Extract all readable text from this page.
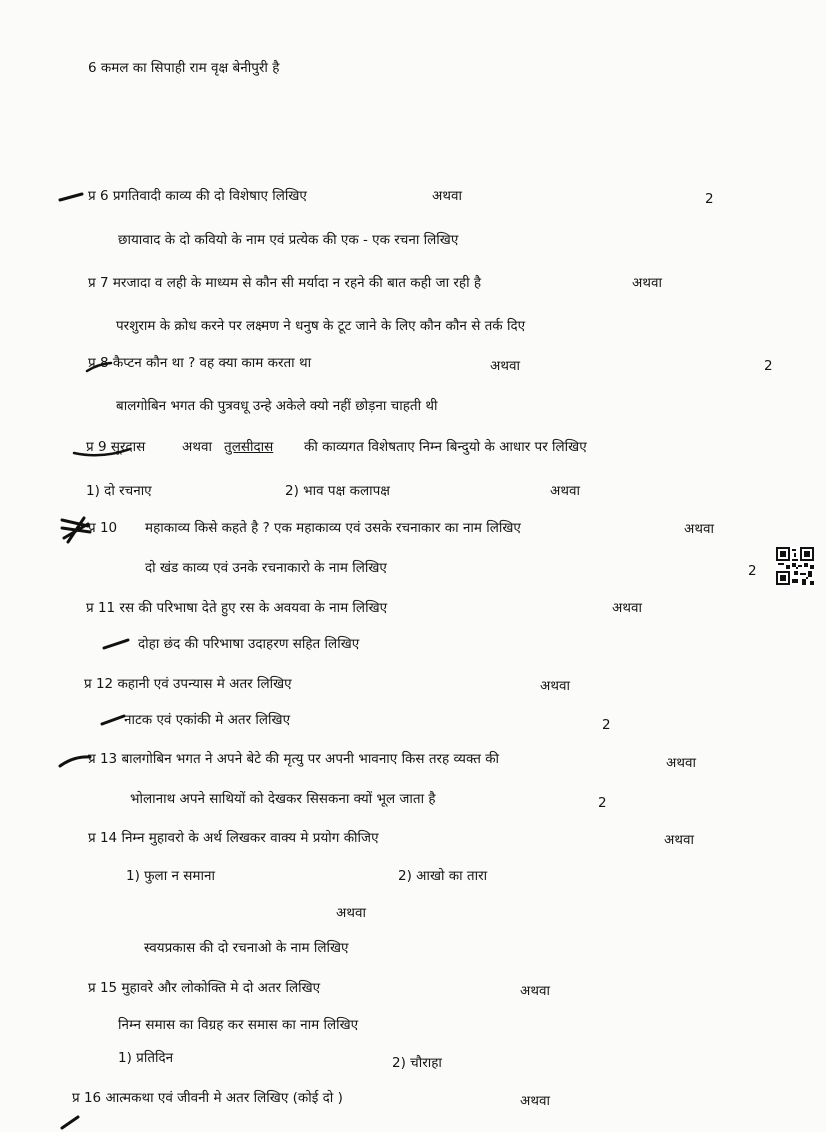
6 कमल का सिपाही राम वृक्ष बेनीपुरी है
प्र 6 प्रगतिवादी काव्य की दो विशेषाए लिखिए	अथवा	2
छायावाद के दो कवियो के नाम एवं प्रत्येक की एक - एक रचना लिखिए
प्र 7 मरजादा व लही के माध्यम से कौन सी मर्यादा न रहने की बात कही जा रही है	अथवा
परशुराम के क्रोध करने पर लक्ष्मण ने धनुष के टूट जाने के लिए कौन कौन से तर्क दिए
प्र 8 कैप्टन कौन था ? वह क्या काम करता था	अथवा	2
बालगोबिन भगत की पुत्रवधू उन्हे अकेले क्यो नहीं छोड़ना चाहती थी
प्र 9 सूरदास	अथवा तुलसीदास की काव्यगत विशेषताए निम्न बिन्दुयो के आधार पर लिखिए
1) दो रचनाए	2) भाव पक्ष कलापक्ष	अथवा
प्र 10 महाकाव्य किसे कहते है ? एक महाकाव्य एवं उसके रचनाकार का नाम लिखिए	अथवा
दो खंड काव्य एवं उनके रचनाकारो के नाम लिखिए	2
प्र 11 रस की परिभाषा देते हुए रस के अवयवा के नाम लिखिए	अथवा
दोहा छंद की परिभाषा उदाहरण सहित लिखिए
प्र 12 कहानी एवं उपन्यास मे अतर लिखिए	अथवा
नाटक एवं एकांकी मे अतर लिखिए	2
प्र 13 बालगोबिन भगत ने अपने बेटे की मृत्यु पर अपनी भावनाए किस तरह व्यक्त की	अथवा
भोलानाथ अपने साथियों को देखकर सिसकना क्यों भूल जाता है	2
प्र 14 निम्न मुहावरो के अर्थ लिखकर वाक्य मे प्रयोग कीजिए	अथवा
1) फुला न समाना	2) आखो का तारा
अथवा
स्वयप्रकास की दो रचनाओ के नाम लिखिए
प्र 15 मुहावरे और लोकोक्ति मे दो अतर लिखिए	अथवा
निम्न समास का विग्रह कर समास का नाम लिखिए
1) प्रतिदिन	2) चौराहा
प्र 16 आत्मकथा एवं जीवनी मे अतर लिखिए (कोई दो )	अथवा
